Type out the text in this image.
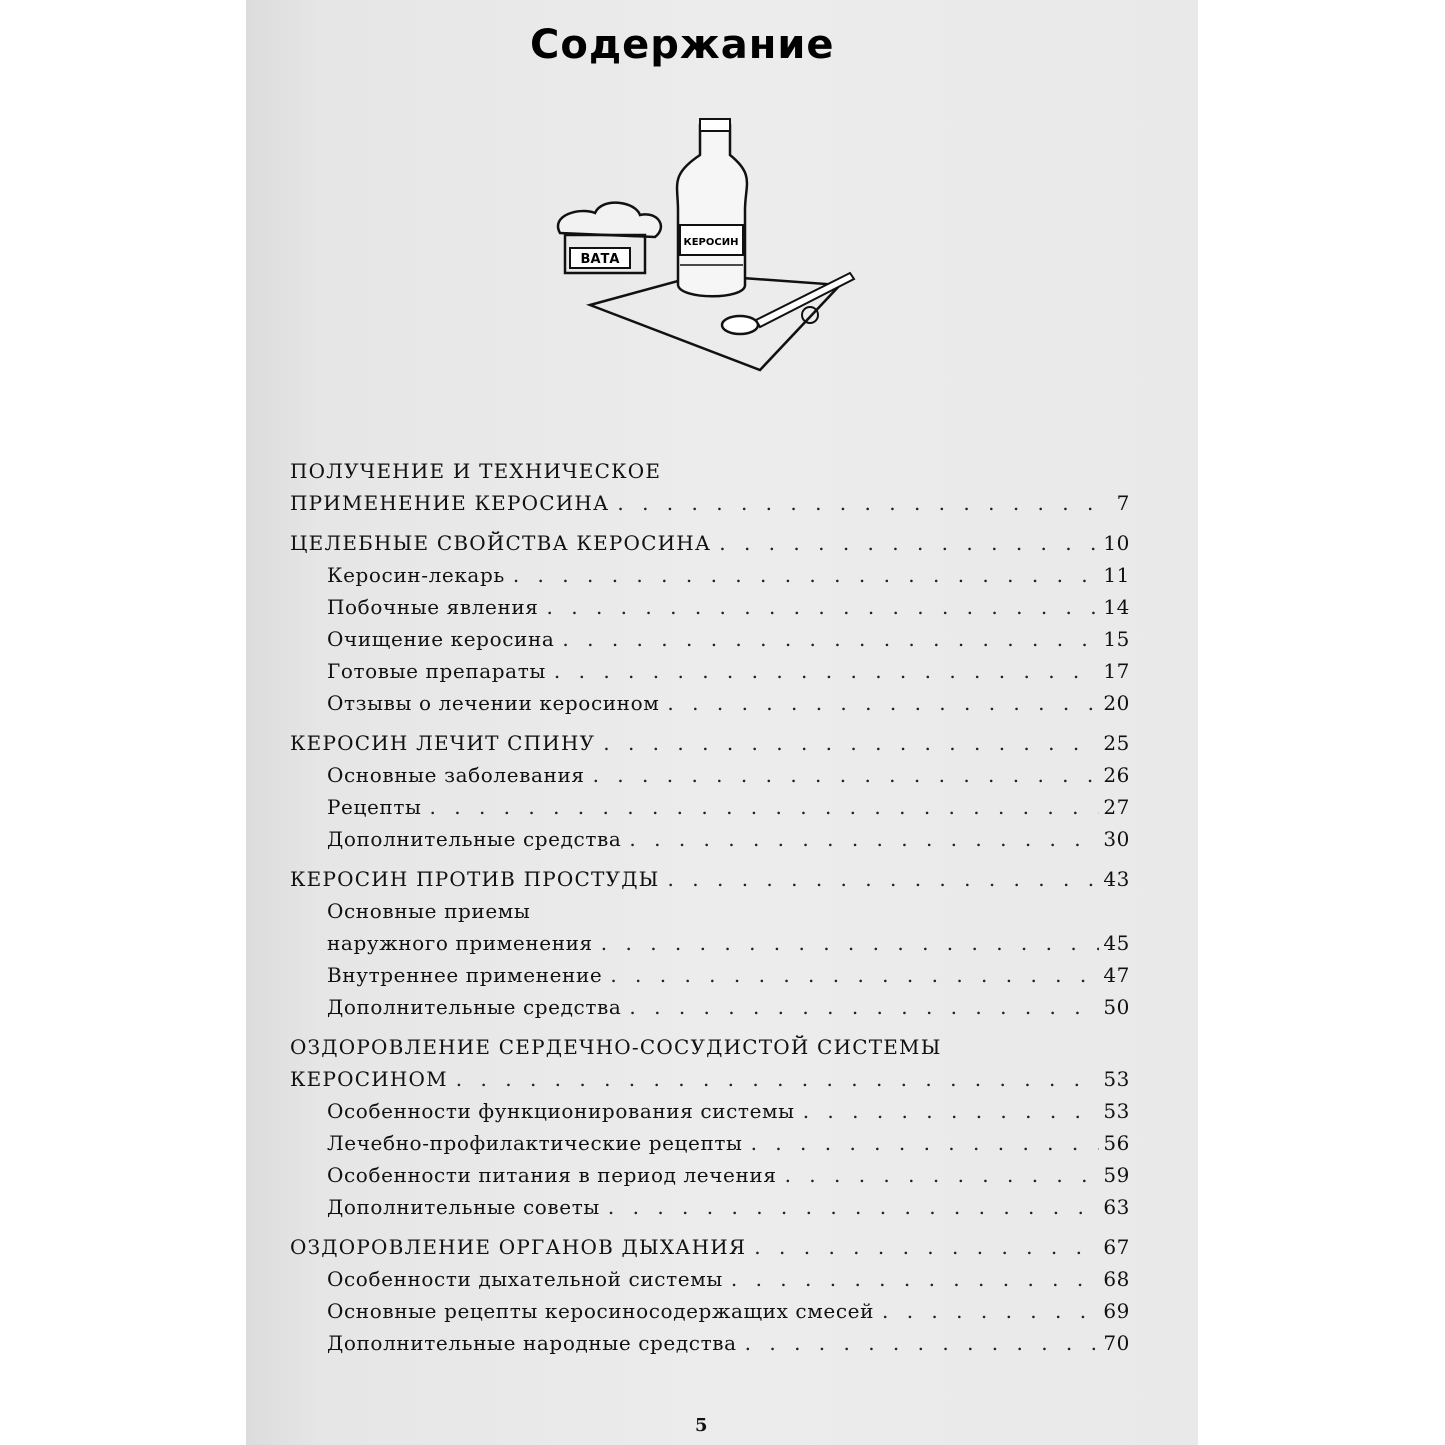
Содержание
ВАТА
КЕРОСИН
ПОЛУЧЕНИЕ И ТЕХНИЧЕСКОЕ
ПРИМЕНЕНИЕ КЕРОСИНА . . .	7
ЦЕЛЕБНЫЕ СВОЙСТВА КЕРОСИНА . . .	10
Керосин-лекарь . . .	11
Побочные явления . . .	14
Очищение керосина . . .	15
Готовые препараты . . .	17
Отзывы о лечении керосином . . .	20
КЕРОСИН ЛЕЧИТ СПИНУ . . .	25
Основные заболевания . . .	26
Рецепты . . .	27
Дополнительные средства . . .	30
КЕРОСИН ПРОТИВ ПРОСТУДЫ . . .	43
Основные приемы
наружного применения . . .	45
Внутреннее применение . . .	47
Дополнительные средства . . .	50
ОЗДОРОВЛЕНИЕ СЕРДЕЧНО-СОСУДИСТОЙ СИСТЕМЫ
КЕРОСИНОМ . . .	53
Особенности функционирования системы . . .	53
Лечебно-профилактические рецепты . . .	56
Особенности питания в период лечения . . .	59
Дополнительные советы . . .	63
ОЗДОРОВЛЕНИЕ ОРГАНОВ ДЫХАНИЯ . . .	67
Особенности дыхательной системы . . .	68
Основные рецепты керосиносодержащих смесей . . .	69
Дополнительные народные средства . . .	70
5
